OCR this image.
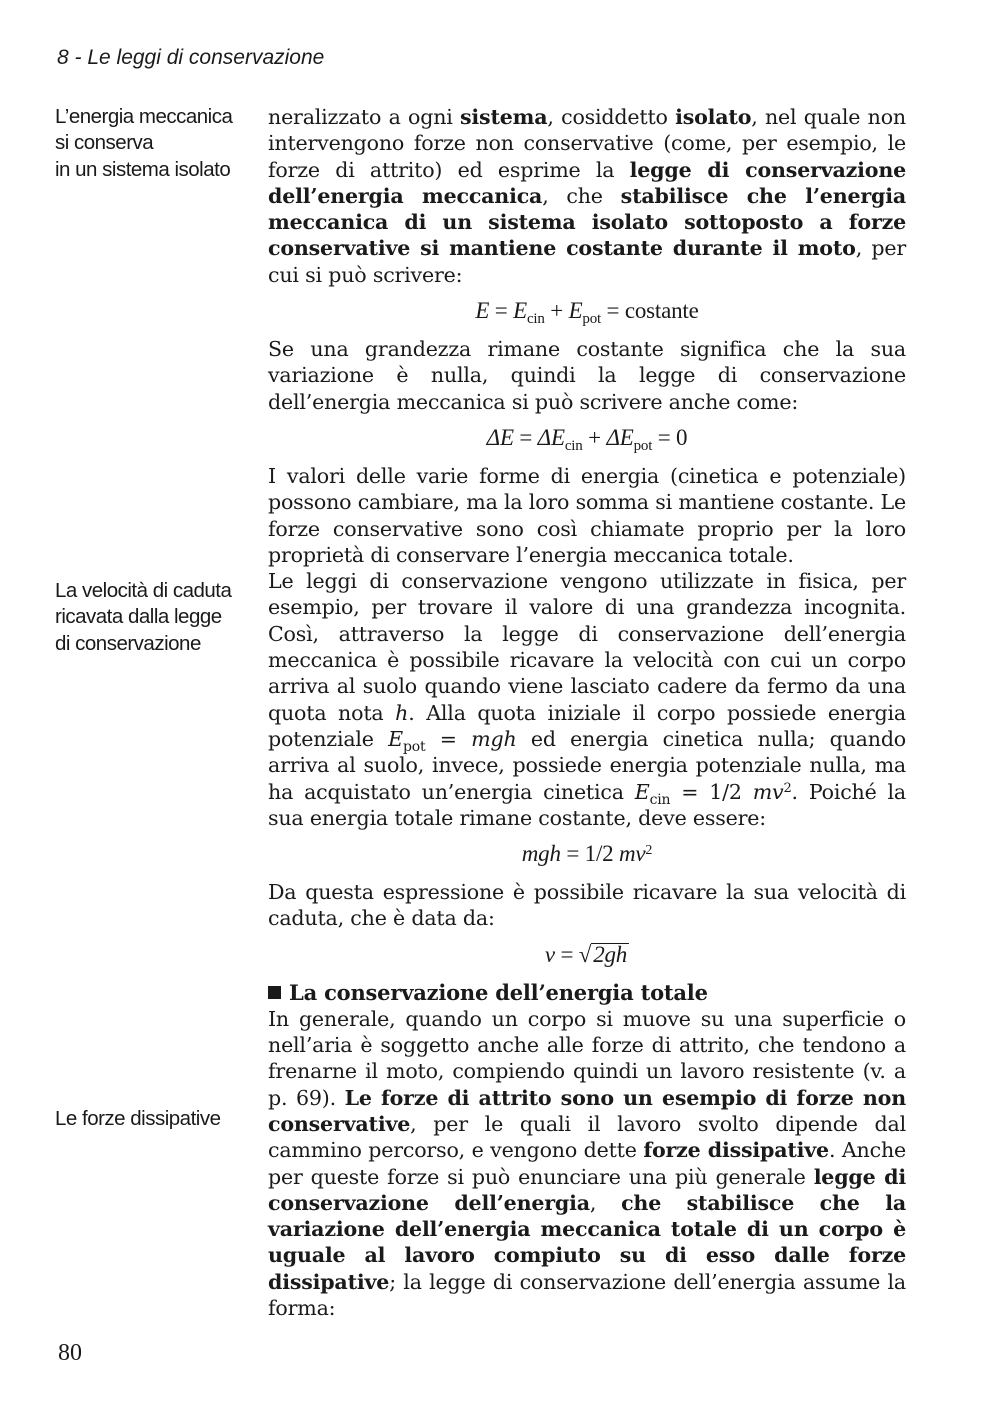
8 - Le leggi di conservazione
L’energia meccanica
si conserva
in un sistema isolato
La velocità di caduta
ricavata dalla legge
di conservazione
Le forze dissipative

neralizzato a ogni sistema, cosiddetto isolato, nel quale non intervengono forze non conservative (come, per esempio, le forze di attrito) ed esprime la legge di conservazione dell’energia meccanica, che stabilisce che l’energia meccanica di un sistema isolato sottoposto a forze conservative si mantiene costante durante il moto, per cui si può scrivere:

$E = E_{cin} + E_{pot}$ = costante

Se una grandezza rimane costante significa che la sua variazione è nulla, quindi la legge di conservazione dell’energia meccanica si può scrivere anche come:

$\Delta E = \Delta E_{cin} + \Delta E_{pot} = 0$

I valori delle varie forme di energia (cinetica e potenziale) possono cambiare, ma la loro somma si mantiene costante. Le forze conservative sono così chiamate proprio per la loro proprietà di conservare l’energia meccanica totale.

Le leggi di conservazione vengono utilizzate in fisica, per esempio, per trovare il valore di una grandezza incognita. Così, attraverso la legge di conservazione dell’energia meccanica è possibile ricavare la velocità con cui un corpo arriva al suolo quando viene lasciato cadere da fermo da una quota nota h. Alla quota iniziale il corpo possiede energia potenziale $E_{pot}$ = mgh ed energia cinetica nulla; quando arriva al suolo, invece, possiede energia potenziale nulla, ma ha acquistato un’energia cinetica $E_{cin} = 1/2$ $mv^2$. Poiché la sua energia totale rimane costante, deve essere:

mgh = 1/2 $mv^2$

Da questa espressione è possibile ricavare la sua velocità di caduta, che è data da:

v = √2gh
La conservazione dell’energia totale

In generale, quando un corpo si muove su una superficie o nell’aria è soggetto anche alle forze di attrito, che tendono a frenarne il moto, compiendo quindi un lavoro resistente (v. a p. 69). Le forze di attrito sono un esempio di forze non conservative, per le quali il lavoro svolto dipende dal cammino percorso, e vengono dette forze dissipative. Anche per queste forze si può enunciare una più generale legge di conservazione dell’energia, che stabilisce che la variazione dell’energia meccanica totale di un corpo è uguale al lavoro compiuto su di esso dalle forze dissipative; la legge di conservazione dell’energia assume la forma:

80
